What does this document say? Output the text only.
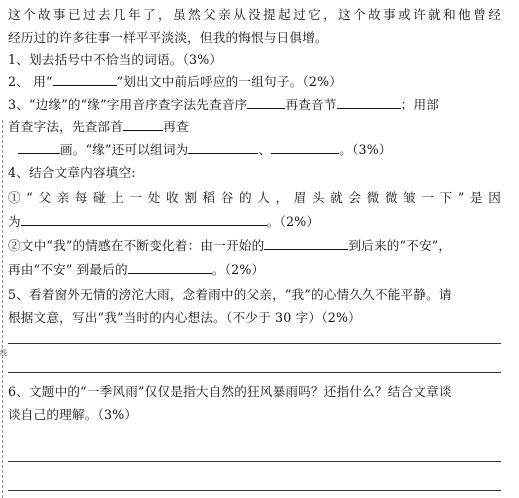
线
这个故事已过去几年了，虽然父亲从没提起过它，这个故事或许就和他曾经
经历过的许多往事一样平平淡淡，但我的悔恨与日俱增。
1、划去括号中不恰当的词语。（3%）
2、 用“	”划出文中前后呼应的一组句子。（2%）
3、“边缘”的“缘”字用音序查字法先查音序	再查音节	；用部
首查字法，先查部首	再查
画。“缘”还可以组词为	、	。（3%）
4、结合文章内容填空:
①“父亲每碰上一处收割稻谷的人，眉头就会微微皱一下”是因
为	。（2%）
②文中“我”的情感在不断变化着：由一开始的	到后来的“不安”，
再由“不安” 到最后的	。（2%）
5、看着窗外无情的滂沱大雨，念着雨中的父亲，“我”的心情久久不能平静。请
根据文意，写出“我”当时的内心想法。（不少于 30 字）（2%）
6、文题中的“一季风雨”仅仅是指大自然的狂风暴雨吗？还指什么？结合文章谈
谈自己的理解。（3%）
